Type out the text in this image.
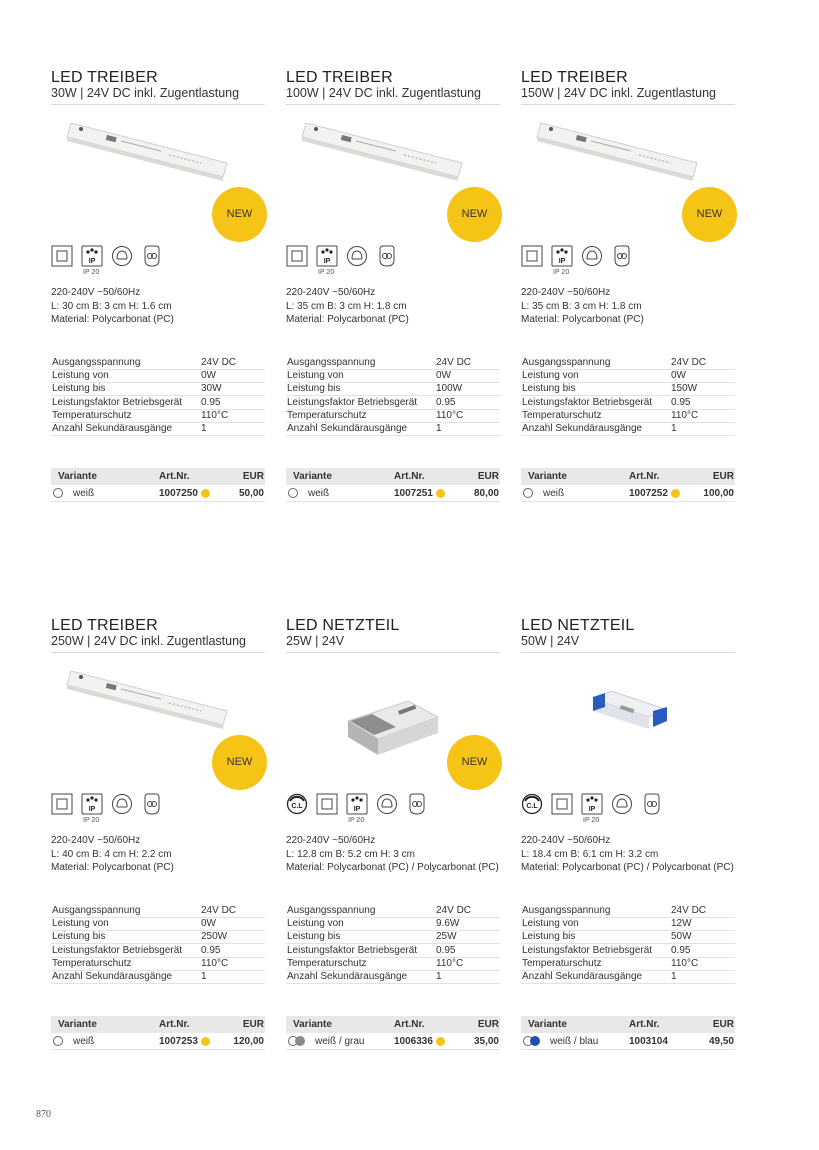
LED TREIBER
30W | 24V DC inkl. Zugentlastung
NEW
IP
IP 20
220-240V ~50/60Hz
L: 30 cm B: 3 cm H: 1.6 cm
Material: Polycarbonat (PC)
Ausgangsspannung	24V DC
Leistung von	0W
Leistung bis	30W
Leistungsfaktor Betriebsgerät	0.95
Temperaturschutz	110°C
Anzahl Sekundärausgänge	1
Variante	Art.Nr.	EUR
weiß	1007250	50,00
LED TREIBER
100W | 24V DC inkl. Zugentlastung
NEW
IP
IP 20
220-240V ~50/60Hz
L: 35 cm B: 3 cm H: 1.8 cm
Material: Polycarbonat (PC)
Ausgangsspannung	24V DC
Leistung von	0W
Leistung bis	100W
Leistungsfaktor Betriebsgerät	0.95
Temperaturschutz	110°C
Anzahl Sekundärausgänge	1
Variante	Art.Nr.	EUR
weiß	1007251	80,00
LED TREIBER
150W | 24V DC inkl. Zugentlastung
NEW
IP
IP 20
220-240V ~50/60Hz
L: 35 cm B: 3 cm H: 1.8 cm
Material: Polycarbonat (PC)
Ausgangsspannung	24V DC
Leistung von	0W
Leistung bis	150W
Leistungsfaktor Betriebsgerät	0.95
Temperaturschutz	110°C
Anzahl Sekundärausgänge	1
Variante	Art.Nr.	EUR
weiß	1007252	100,00
LED TREIBER
250W | 24V DC inkl. Zugentlastung
NEW
IP
IP 20
220-240V ~50/60Hz
L: 40 cm B: 4 cm H: 2.2 cm
Material: Polycarbonat (PC)
Ausgangsspannung	24V DC
Leistung von	0W
Leistung bis	250W
Leistungsfaktor Betriebsgerät	0.95
Temperaturschutz	110°C
Anzahl Sekundärausgänge	1
Variante	Art.Nr.	EUR
weiß	1007253	120,00
LED NETZTEIL
25W | 24V
NEW
C.L	IP
IP 20
220-240V ~50/60Hz
L: 12.8 cm B: 5.2 cm H: 3 cm
Material: Polycarbonat (PC) / Polycarbonat (PC)
Ausgangsspannung	24V DC
Leistung von	9.6W
Leistung bis	25W
Leistungsfaktor Betriebsgerät	0.95
Temperaturschutz	110°C
Anzahl Sekundärausgänge	1
Variante	Art.Nr.	EUR
weiß / grau	1006336	35,00
LED NETZTEIL
50W | 24V
C.L	IP
IP 20
220-240V ~50/60Hz
L: 18.4 cm B: 6.1 cm H: 3.2 cm
Material: Polycarbonat (PC) / Polycarbonat (PC)
Ausgangsspannung	24V DC
Leistung von	12W
Leistung bis	50W
Leistungsfaktor Betriebsgerät	0.95
Temperaturschutz	110°C
Anzahl Sekundärausgänge	1
Variante	Art.Nr.	EUR
weiß / blau	1003104	49,50
870
